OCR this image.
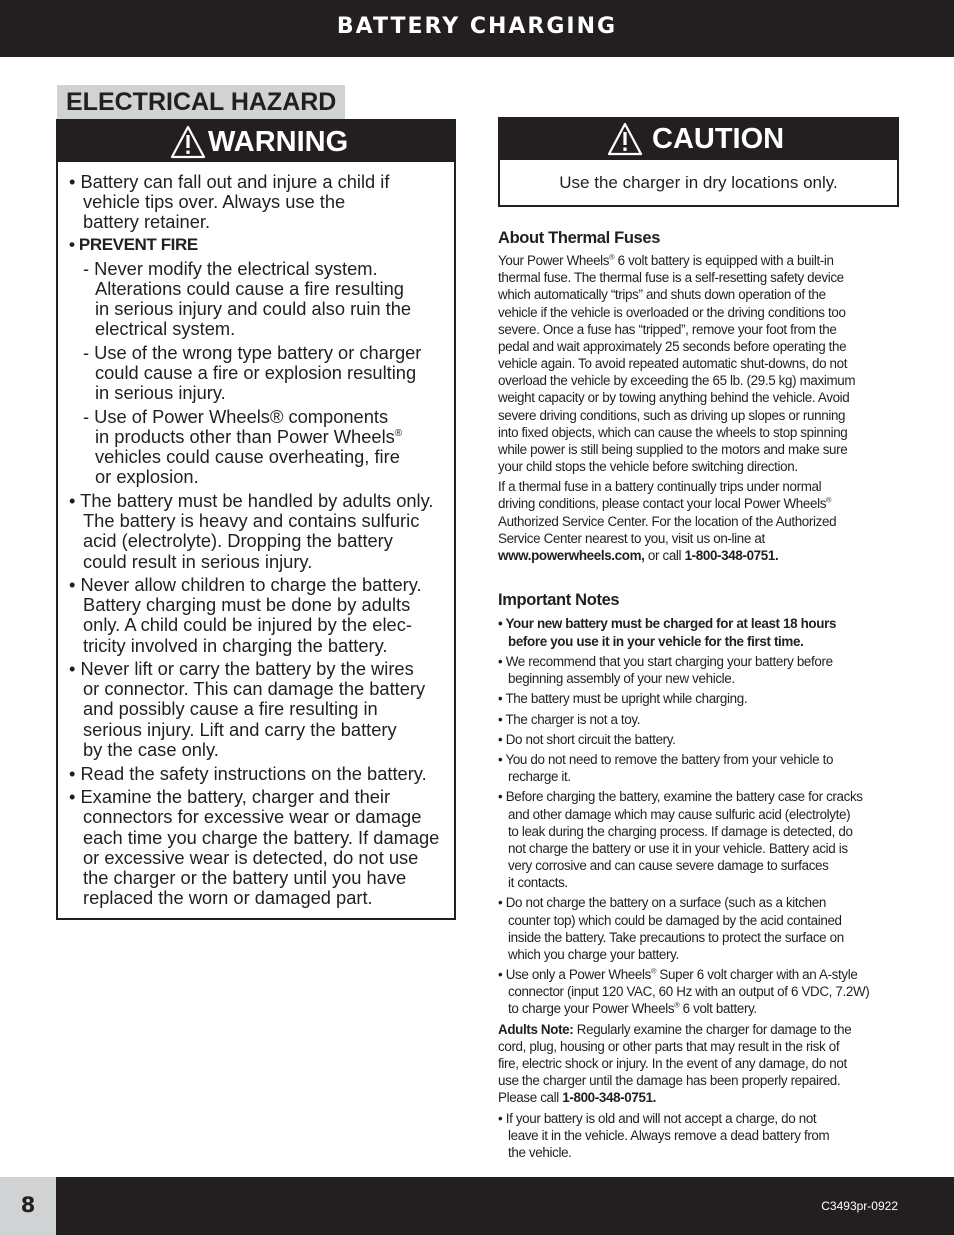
BATTERY CHARGING
ELECTRICAL HAZARD
WARNING
• Battery can fall out and injure a child if
vehicle tips over. Always use the
battery retainer.
• PREVENT FIRE
- Never modify the electrical system.
Alterations could cause a fire resulting
in serious injury and could also ruin the
electrical system.
- Use of the wrong type battery or charger
could cause a fire or explosion resulting
in serious injury.
- Use of Power Wheels® components
in products other than Power Wheels®
vehicles could cause overheating, fire
or explosion.
• The battery must be handled by adults only.
The battery is heavy and contains sulfuric
acid (electrolyte). Dropping the battery
could result in serious injury.
• Never allow children to charge the battery.
Battery charging must be done by adults
only. A child could be injured by the elec-
tricity involved in charging the battery.
• Never lift or carry the battery by the wires
or connector. This can damage the battery
and possibly cause a fire resulting in
serious injury. Lift and carry the battery
by the case only.
• Read the safety instructions on the battery.
• Examine the battery, charger and their
connectors for excessive wear or damage
each time you charge the battery. If damage
or excessive wear is detected, do not use
the charger or the battery until you have
replaced the worn or damaged part.
CAUTION
Use the charger in dry locations only.
About Thermal Fuses
Your Power Wheels® 6 volt battery is equipped with a built-in
thermal fuse. The thermal fuse is a self-resetting safety device
which automatically “trips” and shuts down operation of the
vehicle if the vehicle is overloaded or the driving conditions too
severe. Once a fuse has “tripped”, remove your foot from the
pedal and wait approximately 25 seconds before operating the
vehicle again. To avoid repeated automatic shut-downs, do not
overload the vehicle by exceeding the 65 lb. (29.5 kg) maximum
weight capacity or by towing anything behind the vehicle. Avoid
severe driving conditions, such as driving up slopes or running
into fixed objects, which can cause the wheels to stop spinning
while power is still being supplied to the motors and make sure
your child stops the vehicle before switching direction.
If a thermal fuse in a battery continually trips under normal
driving conditions, please contact your local Power Wheels®
Authorized Service Center. For the location of the Authorized
Service Center nearest to you, visit us on-line at
www.powerwheels.com, or call 1-800-348-0751.
Important Notes
• Your new battery must be charged for at least 18 hours
before you use it in your vehicle for the first time.
• We recommend that you start charging your battery before
beginning assembly of your new vehicle.
• The battery must be upright while charging.
• The charger is not a toy.
• Do not short circuit the battery.
• You do not need to remove the battery from your vehicle to
recharge it.
• Before charging the battery, examine the battery case for cracks
and other damage which may cause sulfuric acid (electrolyte)
to leak during the charging process. If damage is detected, do
not charge the battery or use it in your vehicle. Battery acid is
very corrosive and can cause severe damage to surfaces
it contacts.
• Do not charge the battery on a surface (such as a kitchen
counter top) which could be damaged by the acid contained
inside the battery. Take precautions to protect the surface on
which you charge your battery.
• Use only a Power Wheels® Super 6 volt charger with an A-style
connector (input 120 VAC, 60 Hz with an output of 6 VDC, 7.2W)
to charge your Power Wheels® 6 volt battery.
Adults Note: Regularly examine the charger for damage to the
cord, plug, housing or other parts that may result in the risk of
fire, electric shock or injury. In the event of any damage, do not
use the charger until the damage has been properly repaired.
Please call 1-800-348-0751.
• If your battery is old and will not accept a charge, do not
leave it in the vehicle. Always remove a dead battery from
the vehicle.
8	C3493pr-0922
